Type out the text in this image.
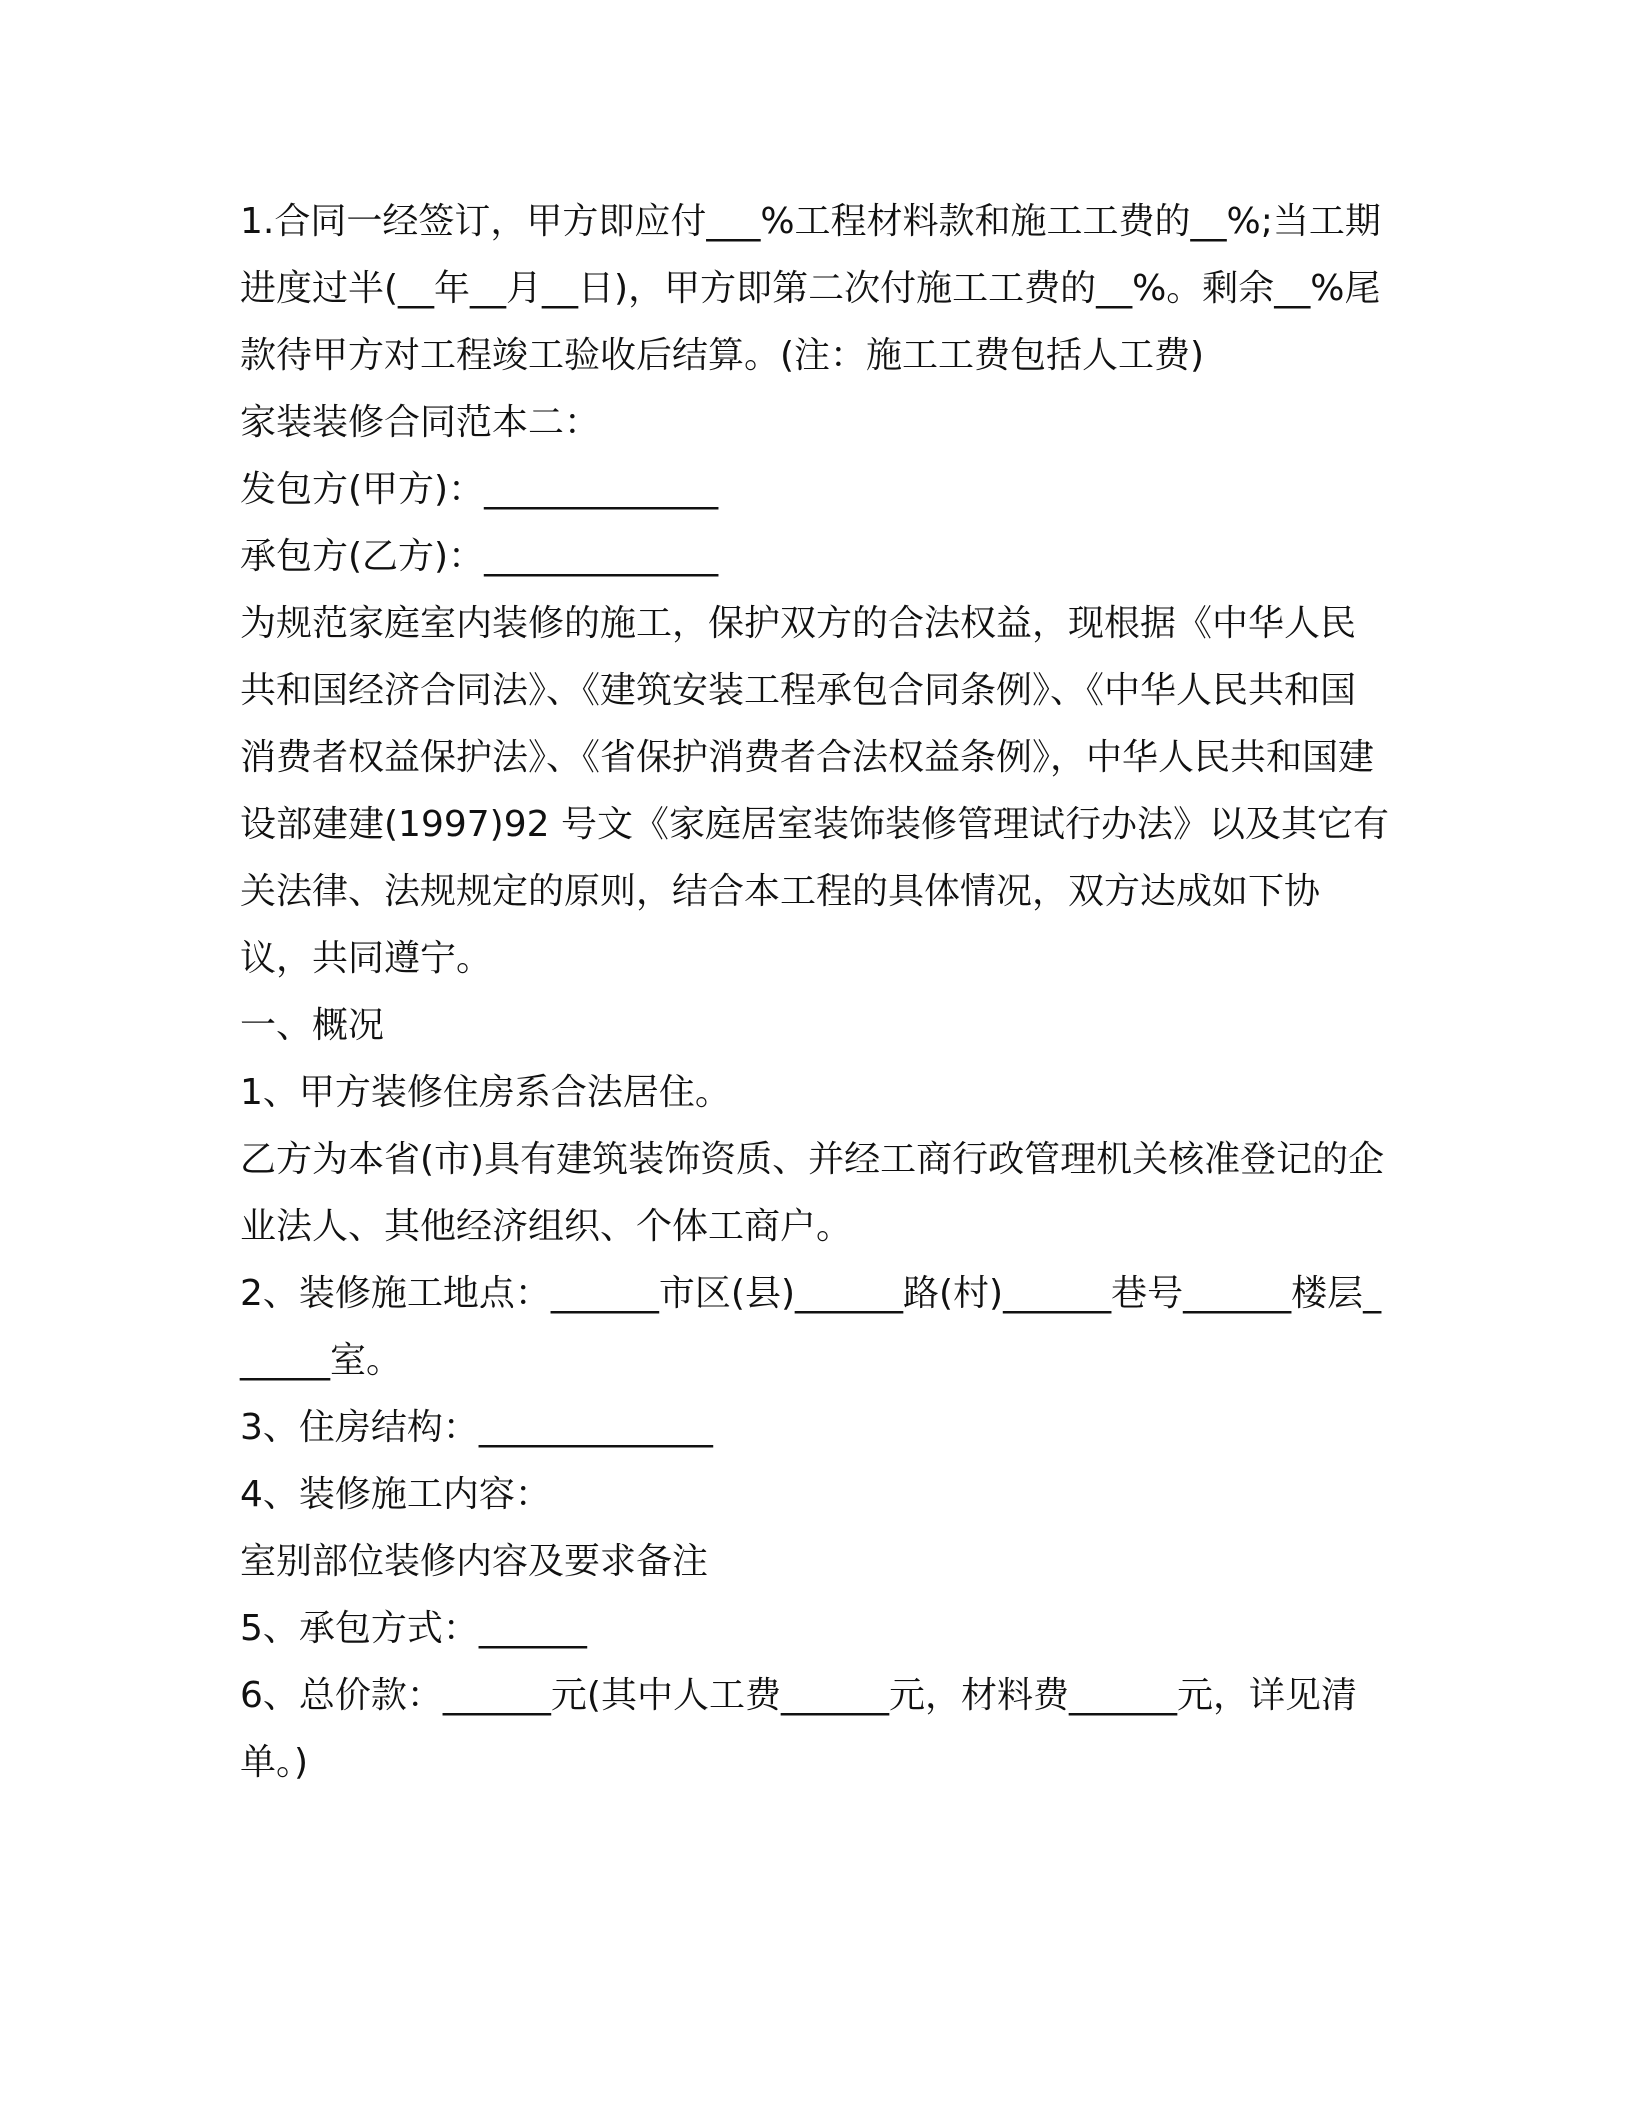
1.合同一经签订，甲方即应付___%工程材料款和施工工费的__%;当工期进度过半(__年__月__日)，甲方即第二次付施工工费的__%。剩余__%尾款待甲方对工程竣工验收后结算。(注：施工工费包括人工费)

家装装修合同范本二：

发包方(甲方)：_____________

承包方(乙方)：_____________

为规范家庭室内装修的施工，保护双方的合法权益，现根据《中华人民共和国经济合同法》、《建筑安装工程承包合同条例》、《中华人民共和国消费者权益保护法》、《省保护消费者合法权益条例》，中华人民共和国建设部建建(1997)92 号文《家庭居室装饰装修管理试行办法》以及其它有关法律、法规规定的原则，结合本工程的具体情况，双方达成如下协议，共同遵宁。

一、概况

1、甲方装修住房系合法居住。

乙方为本省(市)具有建筑装饰资质、并经工商行政管理机关核准登记的企业法人、其他经济组织、个体工商户。

2、装修施工地点：______市区(县)______路(村)______巷号______楼层______室。

3、住房结构：_____________

4、装修施工内容：

室别部位装修内容及要求备注

5、承包方式：______

6、总价款：______元(其中人工费______元，材料费______元，详见清单。)
